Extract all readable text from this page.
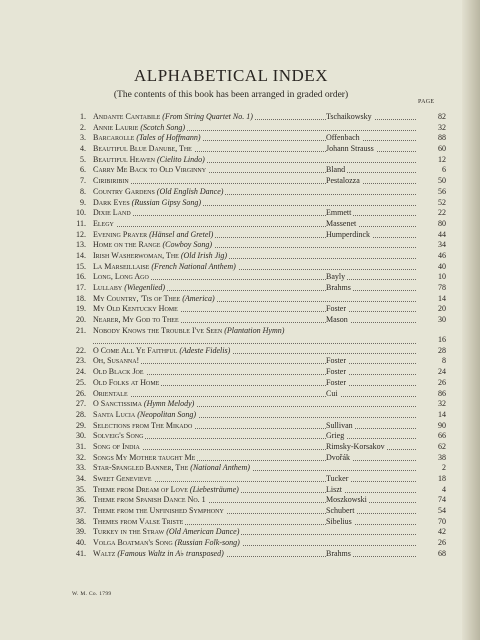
ALPHABETICAL INDEX
(The contents of this book has been arranged in graded order)
PAGE
1. Andante Cantabile (From String Quartet No. 1)	Tschaikowsky	82
2. Annie Laurie (Scotch Song)	32
3. Barcarolle (Tales of Hoffmann)	Offenbach	88
4. Beautiful Blue Danube, The	Johann Strauss	60
5. Beautiful Heaven (Cielito Lindo)	12
6. Carry Me Back to Old Virginny	Bland	6
7. Ciribiribin	Pestalozza	50
8. Country Gardens (Old English Dance)	56
9. Dark Eyes (Russian Gipsy Song)	52
10. Dixie Land	Emmett	22
11. Elegy	Massenet	80
12. Evening Prayer (Hänsel and Gretel)	Humperdinck	44
13. Home on the Range (Cowboy Song)	34
14. Irish Washerwoman, The (Old Irish Jig)	46
15. La Marseillaise (French National Anthem)	40
16. Long, Long Ago	Bayly	10
17. Lullaby (Wiegenlied)	Brahms	78
18. My Country, 'Tis of Thee (America)	14
19. My Old Kentucky Home	Foster	20
20. Nearer, My God to Thee	Mason	30
21. Nobody Knows the Trouble I've Seen (Plantation Hymn)
16
22. O Come All Ye Faithful (Adeste Fidelis)	28
23. Oh, Susanna!	Foster	8
24. Old Black Joe	Foster	24
25. Old Folks at Home	Foster	26
26. Orientale	Cui	86
27. O Sanctissima (Hymn Melody)	32
28. Santa Lucia (Neopolitan Song)	14
29. Selections from The Mikado	Sullivan	90
30. Solveig's Song	Grieg	66
31. Song of India	Rimsky-Korsakov	62
32. Songs My Mother taught Me	Dvořák	38
33. Star-Spangled Banner, The (National Anthem)	2
34. Sweet Genevieve	Tucker	18
35. Theme from Dream of Love (Liebesträume)	Liszt	4
36. Theme from Spanish Dance No. 1	Moszkowski	74
37. Theme from the Unfinished Symphony	Schubert	54
38. Themes from Valse Triste	Sibelius	70
39. Turkey in the Straw (Old American Dance)	42
40. Volga Boatman's Song (Russian Folk-song)	26
41. Waltz (Famous Waltz in A♭ transposed)	Brahms	68
W. M. Co. 1799
